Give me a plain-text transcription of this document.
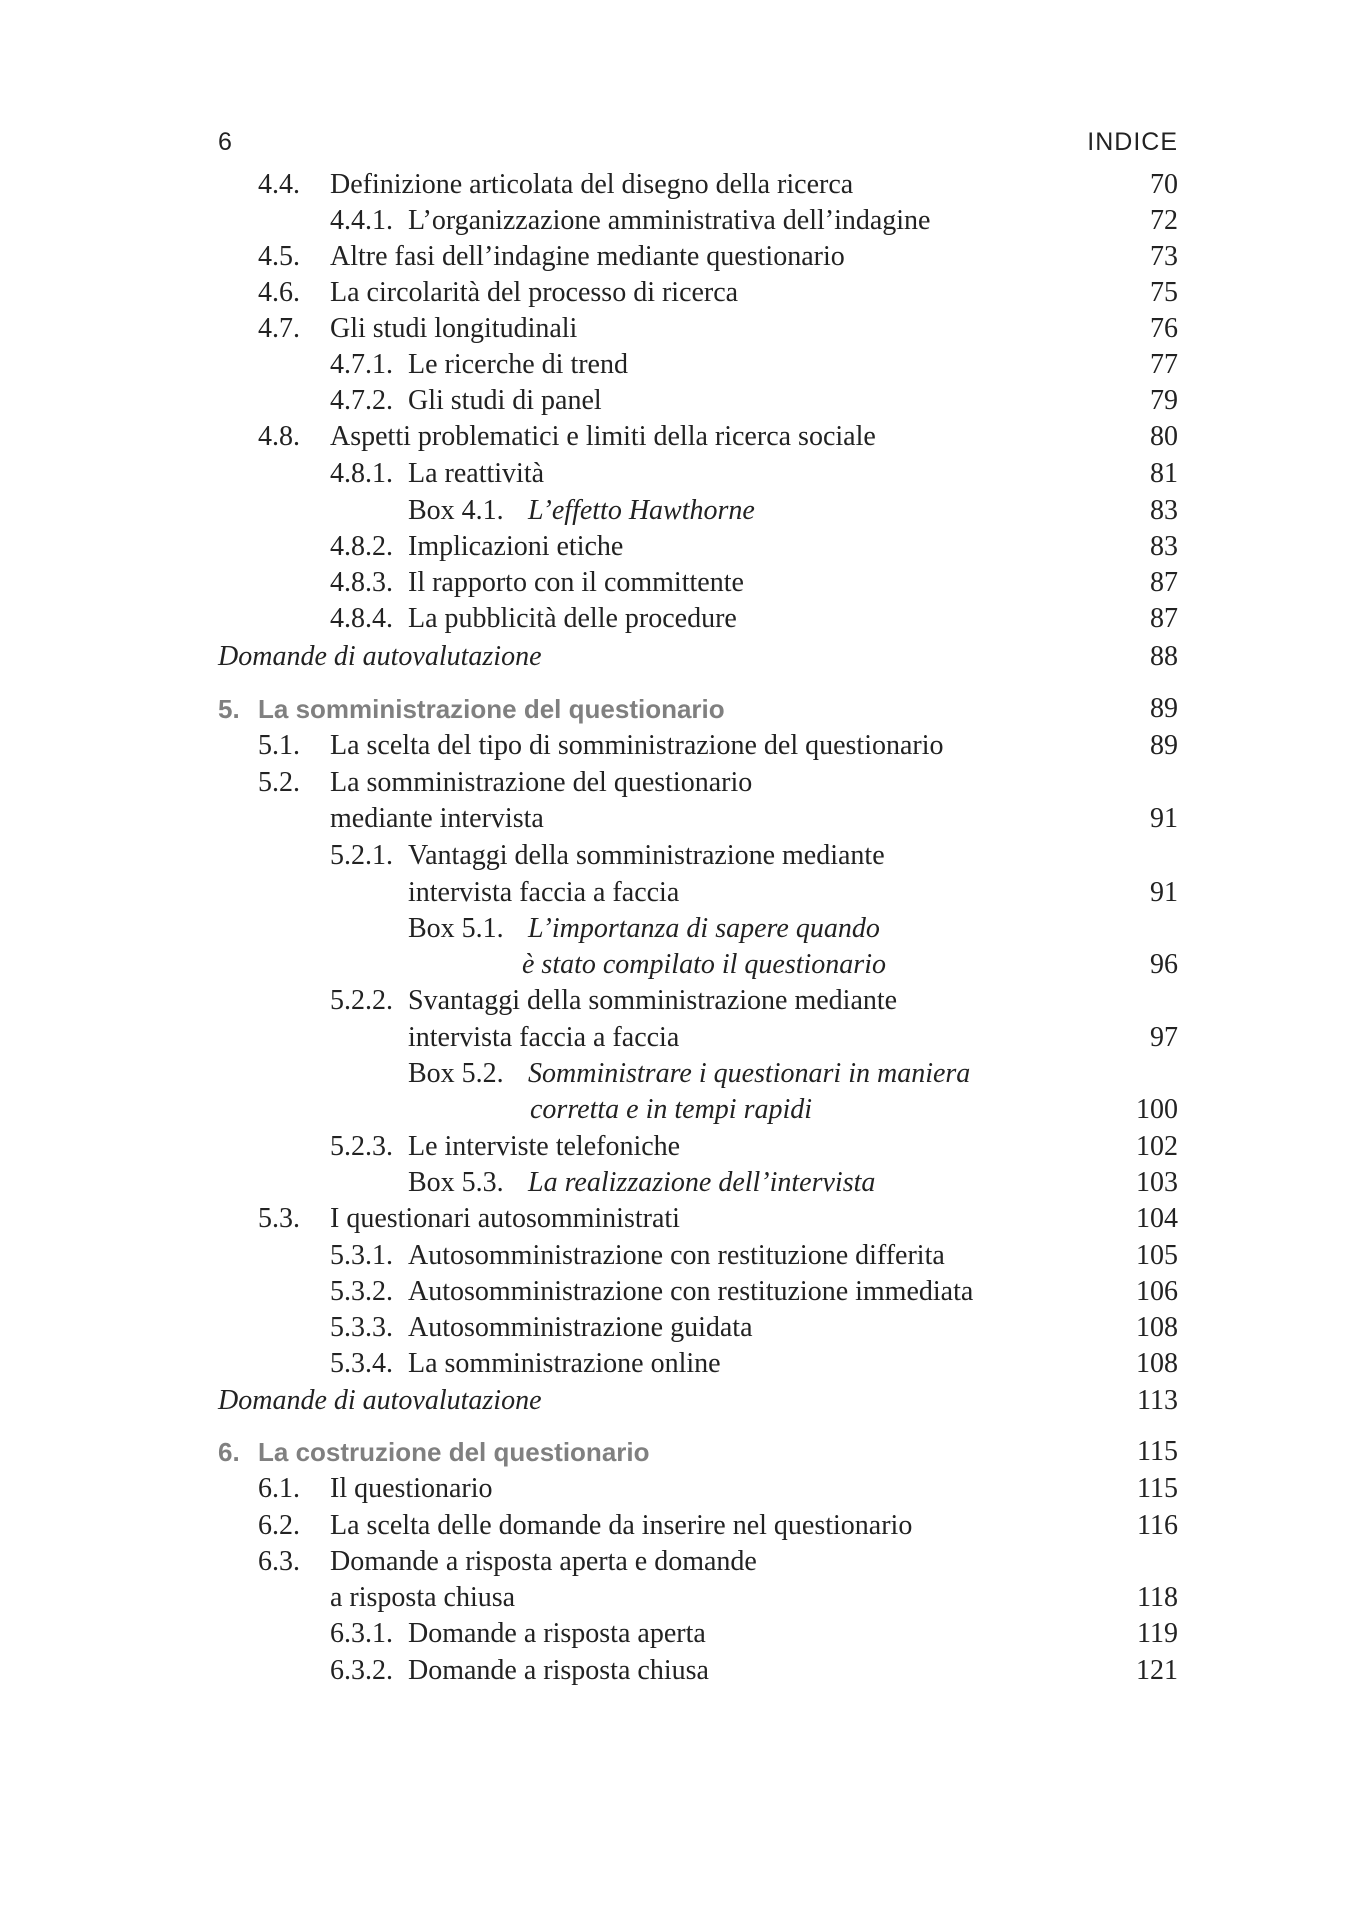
6	INDICE
4.4. Definizione articolata del disegno della ricerca	70
4.4.1. L’organizzazione amministrativa dell’indagine	72
4.5. Altre fasi dell’indagine mediante questionario	73
4.6. La circolarità del processo di ricerca	75
4.7. Gli studi longitudinali	76
4.7.1. Le ricerche di trend	77
4.7.2. Gli studi di panel	79
4.8. Aspetti problematici e limiti della ricerca sociale	80
4.8.1. La reattività	81
Box 4.1. L’effetto Hawthorne	83
4.8.2. Implicazioni etiche	83
4.8.3. Il rapporto con il committente	87
4.8.4. La pubblicità delle procedure	87
Domande di autovalutazione	88
5. La somministrazione del questionario	89
5.1. La scelta del tipo di somministrazione del questionario	89
5.2. La somministrazione del questionario
mediante intervista	91
5.2.1. Vantaggi della somministrazione mediante
intervista faccia a faccia	91
Box 5.1. L’importanza di sapere quando
è stato compilato il questionario	96
5.2.2. Svantaggi della somministrazione mediante
intervista faccia a faccia	97
Box 5.2. Somministrare i questionari in maniera
corretta e in tempi rapidi	100
5.2.3. Le interviste telefoniche	102
Box 5.3. La realizzazione dell’intervista	103
5.3. I questionari autosomministrati	104
5.3.1. Autosomministrazione con restituzione differita	105
5.3.2. Autosomministrazione con restituzione immediata	106
5.3.3. Autosomministrazione guidata	108
5.3.4. La somministrazione online	108
Domande di autovalutazione	113
6. La costruzione del questionario	115
6.1. Il questionario	115
6.2. La scelta delle domande da inserire nel questionario	116
6.3. Domande a risposta aperta e domande
a risposta chiusa	118
6.3.1. Domande a risposta aperta	119
6.3.2. Domande a risposta chiusa	121
